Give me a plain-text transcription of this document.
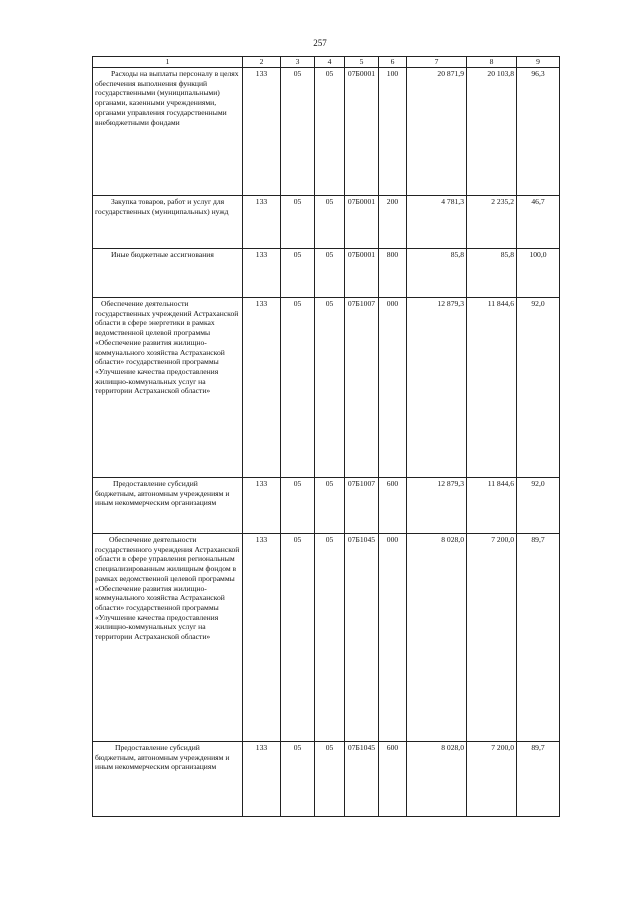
257
1	2	3	4	5	6	7	8	9
Расходы на выплаты персоналу в целях обеспечения выполнения функций государственными (муниципальными) органами, казенными учреждениями, органами управления государственными внебюджетными фондами	133	05	05	07Б0001	100	20 871,9	20 103,8	96,3
Закупка товаров, работ и услуг для государственных (муниципальных) нужд	133	05	05	07Б0001	200	4 781,3	2 235,2	46,7
Иные бюджетные ассигнования	133	05	05	07Б0001	800	85,8	85,8	100,0
Обеспечение деятельности государственных учреждений Астраханской области в сфере энергетики в рамках ведомственной целевой программы «Обеспечение развития жилищно-коммунального хозяйства Астраханской области» государственной программы «Улучшение качества предоставления жилищно-коммунальных услуг на территории Астраханской области»	133	05	05	07Б1007	000	12 879,3	11 844,6	92,0
Предоставление субсидий бюджетным, автономным учреждениям и иным некоммерческим организациям	133	05	05	07Б1007	600	12 879,3	11 844,6	92,0
Обеспечение деятельности государственного учреждения Астраханской области в сфере управления региональным специализированным жилищным фондом в рамках ведомственной целевой программы «Обеспечение развития жилищно-коммунального хозяйства Астраханской области» государственной программы «Улучшение качества предоставления жилищно-коммунальных услуг на территории Астраханской области»	133	05	05	07Б1045	000	8 028,0	7 200,0	89,7
Предоставление субсидий бюджетным, автономным учреждениям и иным некоммерческим организациям	133	05	05	07Б1045	600	8 028,0	7 200,0	89,7
